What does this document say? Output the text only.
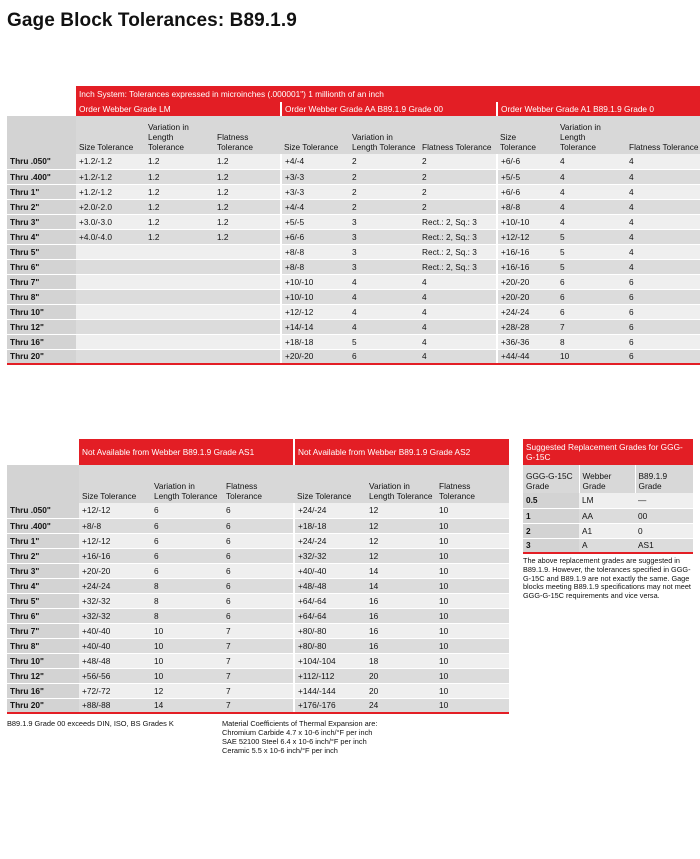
Gage Block Tolerances: B89.1.9
	Inch System: Tolerances expressed in microinches (.000001") 1 millionth of an inch								
	Order Webber Grade LM			Order Webber Grade AA B89.1.9 Grade 00			Order Webber Grade A1 B89.1.9 Grade 0		
	Size Tolerance	Variation in Length Tolerance	Flatness Tolerance	Size Tolerance	Variation in Length Tolerance	Flatness Tolerance	Size Tolerance	Variation in Length Tolerance	Flatness Tolerance
Thru .050"	+1.2/-1.2	1.2	1.2	+4/-4	2	2	+6/-6	4	4
Thru .400"	+1.2/-1.2	1.2	1.2	+3/-3	2	2	+5/-5	4	4
Thru 1"	+1.2/-1.2	1.2	1.2	+3/-3	2	2	+6/-6	4	4
Thru 2"	+2.0/-2.0	1.2	1.2	+4/-4	2	2	+8/-8	4	4
Thru 3"	+3.0/-3.0	1.2	1.2	+5/-5	3	Rect.: 2, Sq.: 3	+10/-10	4	4
Thru 4"	+4.0/-4.0	1.2	1.2	+6/-6	3	Rect.: 2, Sq.: 3	+12/-12	5	4
Thru 5"				+8/-8	3	Rect.: 2, Sq.: 3	+16/-16	5	4
Thru 6"				+8/-8	3	Rect.: 2, Sq.: 3	+16/-16	5	4
Thru 7"				+10/-10	4	4	+20/-20	6	6
Thru 8"				+10/-10	4	4	+20/-20	6	6
Thru 10"				+12/-12	4	4	+24/-24	6	6
Thru 12"				+14/-14	4	4	+28/-28	7	6
Thru 16"				+18/-18	5	4	+36/-36	8	6
Thru 20"				+20/-20	6	4	+44/-44	10	6
	Not Available from Webber B89.1.9 Grade AS1			Not Available from Webber B89.1.9 Grade AS2		
	Size Tolerance	Variation in Length Tolerance	Flatness Tolerance	Size Tolerance	Variation in Length Tolerance	Flatness Tolerance
Thru .050"	+12/-12	6	6	+24/-24	12	10
Thru .400"	+8/-8	6	6	+18/-18	12	10
Thru 1"	+12/-12	6	6	+24/-24	12	10
Thru 2"	+16/-16	6	6	+32/-32	12	10
Thru 3"	+20/-20	6	6	+40/-40	14	10
Thru 4"	+24/-24	8	6	+48/-48	14	10
Thru 5"	+32/-32	8	6	+64/-64	16	10
Thru 6"	+32/-32	8	6	+64/-64	16	10
Thru 7"	+40/-40	10	7	+80/-80	16	10
Thru 8"	+40/-40	10	7	+80/-80	16	10
Thru 10"	+48/-48	10	7	+104/-104	18	10
Thru 12"	+56/-56	10	7	+112/-112	20	10
Thru 16"	+72/-72	12	7	+144/-144	20	10
Thru 20"	+88/-88	14	7	+176/-176	24	10
Suggested Replacement Grades for GGG-G-15C		
GGG-G-15C Grade	Webber Grade	B89.1.9 Grade
0.5	LM	—
1	AA	00
2	A1	0
3	A	AS1
The above replacement grades are suggested in B89.1.9. However, the tolerances specified in GGG-G-15C and B89.1.9 are not exactly the same. Gage blocks meeting B89.1.9 specifications may not meet GGG-G-15C requirements and vice versa.
B89.1.9 Grade 00 exceeds DIN, ISO, BS Grades K	Material Coefficients of Thermal Expansion are:
Chromium Carbide 4.7 x 10-6 inch/°F per inch
SAE 52100 Steel 6.4 x 10-6 inch/°F per inch
Ceramic 5.5 x 10-6 inch/°F per inch
